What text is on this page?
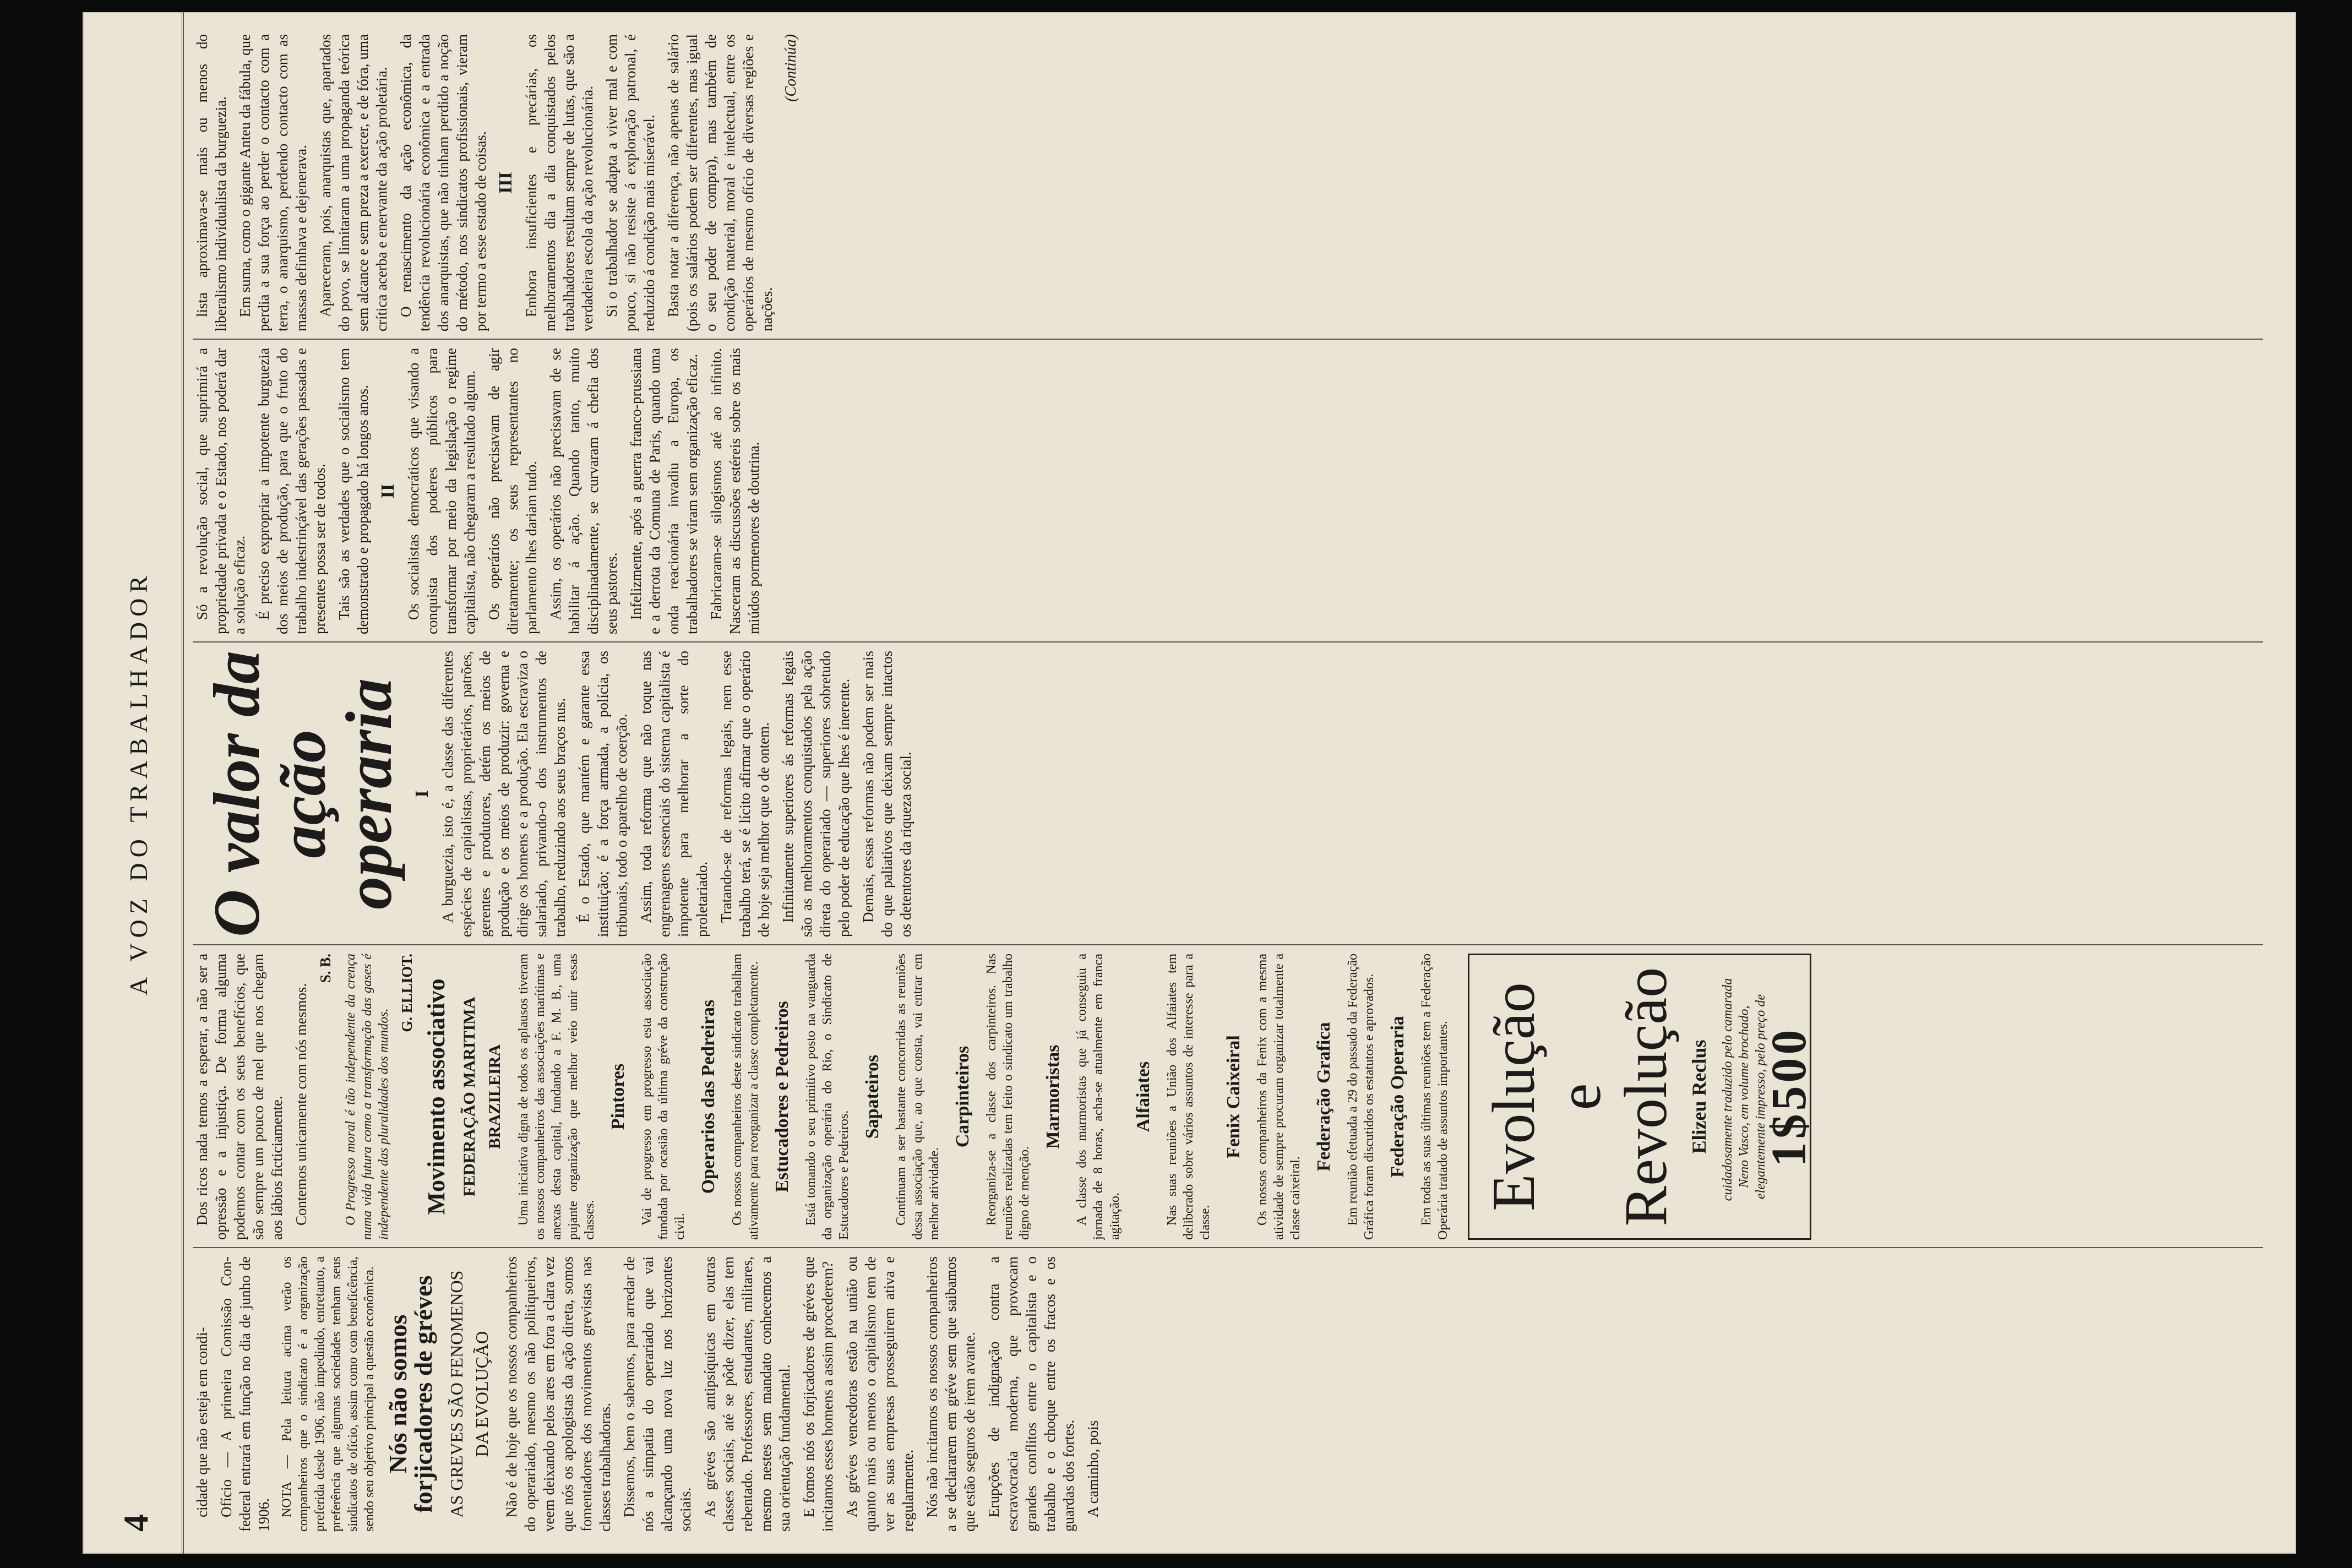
4
A VOZ DO TRABALHADOR

cidade que não esteja em condi- Ofício — A primeira Comissão Con- federal entrará em função no dia de junho de 1906. NOTA — Pela leitura acima verão os companheiros que o sindicato é a organização preferida desde 1906, não impedindo, entretanto, a preferência que algumas sociedades tenham seus sindicatos de ofício, assim como com beneficência, sendo seu objetivo principal a questão econômica. Nós não somos forjicadores de gréves AS GREVES SÃO FENOMENOS DA EVOLUÇÃO Não é de hoje que os nossos companheiros do operariado, mesmo os não politiqueiros, veem deixando pelos ares em fora a clara vez que nós os apologistas da ação direta, somos fomentadores dos movimentos grevistas nas classes trabalhadoras. Dissemos, bem o sabemos, para arredar de nós a simpatia do operariado que vai alcançando uma nova luz nos horizontes sociais. As gréves são antipsíquicas em outras classes sociais, até se pôde dizer, elas tem rebentado. Professores, estudantes, militares, mesmo nestes sem mandato conhecemos a sua orientação fundamental. E fomos nós os forjicadores de gréves que incitamos esses homens a assim procederem? As gréves vencedoras estão na união ou quanto mais ou menos o capitalismo tem de ver as suas empresas prosseguirem ativa e regularmente. Nós não incitamos os nossos companheiros a se declararem em gréve sem que saibamos que estão seguros de irem avante. Erupções de indignação contra a escravocracia moderna, que provocam grandes conflitos entre o capitalista e o trabalho e o choque entre os fracos e os guardas dos fortes. A caminho, pois

Dos ricos nada temos a esperar, a não ser a opressão e a injustiça. De forma alguma podemos contar com os seus benefícios, que são sempre um pouco de mel que nos chegam aos lábios ficticiamente. Contemos unicamente com nós mesmos.

S. B. O Progresso moral é tão independente da crença numa vida futura como a transformação das gases é independente das pluralidades dos mundos.

G. ELLIOT. Movimento associativo FEDERAÇÃO MARITIMA BRAZILEIRA Uma iniciativa digna de todos os aplausos tiveram os nossos companheiros das associações marítimas e anexas desta capital, fundando a F. M. B., uma pujante organização que melhor veio unir essas classes.

Pintores Vai de progresso em progresso esta associação fundada por ocasião da última gréve da construção civil.

Operarios das Pedreiras Os nossos companheiros deste sindicato trabalham ativamente para reorganizar a classe completamente. Estucadores e Pedreiros Está tomando o seu primitivo posto na vanguarda da organização operária do Rio, o Sindicato de Estucadores e Pedreiros.

Sapateiros Continuam a ser bastante concorridas as reuniões dessa associação que, ao que consta, vai entrar em melhor atividade.

Carpinteiros Reorganiza-se a classe dos carpinteiros. Nas reuniões realizadas tem feito o sindicato um trabalho digno de menção.

Marmoristas A classe dos marmoristas que já conseguiu a jornada de 8 horas, acha-se atualmente em franca agitação.

Alfaiates Nas suas reuniões a União dos Alfaiates tem deliberado sobre vários assuntos de interesse para a classe.

Fenix Caixeiral Os nossos companheiros da Fenix com a mesma atividade de sempre procuram organizar totalmente a classe caixeiral.

Federação Grafica Em reunião efetuada a 29 do passado da Federação Gráfica foram discutidos os estatutos e aprovados. Federação Operaria Em todas as suas últimas reuniões tem a Federação Operária tratado de assuntos importantes. Evolução
e Revolução Elizeu Reclus cuidadosamente traduzido pelo camarada Neno Vasco, em volume brochado, elegantemente impresso, pelo preço de

1$500
O valor da ação operaria I A burguezia, isto é, a classe das diferentes espécies de capitalistas, proprietários, patrões, gerentes e produtores, detém os meios de produção e os meios de produzir: governa e dirige os homens e a produção. Ela escraviza o salariado, privando-o dos instrumentos de trabalho, reduzindo aos seus braços nus. É o Estado, que mantém e garante essa instituição; é a força armada, a polícia, os tribunais, todo o aparelho de coerção. Assim, toda reforma que não toque nas engrenagens essenciais do sistema capitalista é impotente para melhorar a sorte do proletariado. Tratando-se de reformas legais, nem esse trabalho terá, se é lícito afirmar que o operário de hoje seja melhor que o de ontem. Infinitamente superiores ás reformas legais são as melhoramentos conquistados pela ação direta do operariado — superiores sobretudo pelo poder de educação que lhes é inerente. Demais, essas reformas não podem ser mais do que paliativos que deixam sempre intactos os detentores da riqueza social.

Só a revolução social, que suprimirá a propriedade privada e o Estado, nos poderá dar a solução eficaz. É preciso expropriar a impotente burguezia dos meios de produção, para que o fruto do trabalho indestrinçável das gerações passadas e presentes possa ser de todos. Tais são as verdades que o socialismo tem demonstrado e propagado há longos anos. II Os socialistas democráticos que visando a conquista dos poderes públicos para transformar por meio da legislação o regime capitalista, não chegaram a resultado algum. Os operários não precisavam de agir diretamente; os seus representantes no parlamento lhes dariam tudo. Assim, os operários não precisavam de se habilitar á ação. Quando tanto, muito disciplinadamente, se curvaram á chefia dos seus pastores. Infelizmente, após a guerra franco-prussiana e a derrota da Comuna de Paris, quando uma onda reacionária invadiu a Europa, os trabalhadores se viram sem organização eficaz. Fabricaram-se silogismos até ao infinito. Nasceram as discussões estéreis sobre os mais miúdos pormenores de doutrina.

lista aproximava-se mais ou menos do liberalismo individualista da burguezia. Em suma, como o gigante Anteu da fábula, que perdia a sua força ao perder o contacto com a terra, o anarquismo, perdendo contacto com as massas definhava e dejenerava. Apareceram, pois, anarquistas que, apartados do povo, se limitaram a uma propaganda teórica sem alcance e sem preza a exercer, e de fóra, uma crítica acerba e enervante da ação proletária. O renascimento da ação econômica, da tendência revolucionária econômica e a entrada dos anarquistas, que não tinham perdido a noção do método, nos sindicatos profissionais, vieram por termo a esse estado de coisas. III Embora insuficientes e precárias, os melhoramentos dia a dia conquistados pelos trabalhadores resultam sempre de lutas, que são a verdadeira escola da ação revolucionária. Si o trabalhador se adapta a viver mal e com pouco, si não resiste á exploração patronal, é reduzido á condição mais miserável. Basta notar a diferença, não apenas de salário (pois os salários podem ser diferentes, mas igual o seu poder de compra), mas também de condição material, moral e intelectual, entre os operários de mesmo ofício de diversas regiões e nações.

(Continúa)
